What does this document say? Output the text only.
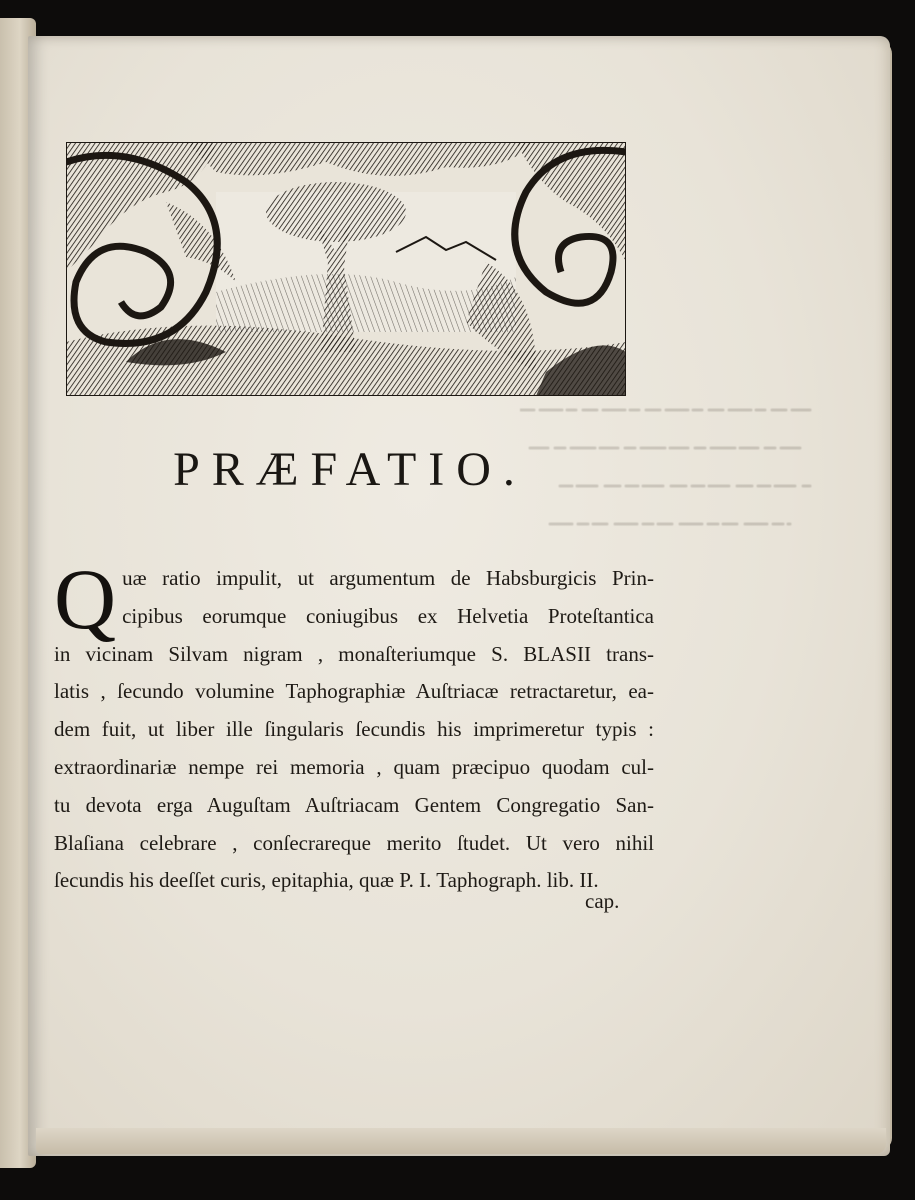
PRÆFATIO.
Q uæ ratio impulit, ut argumentum de Habsburgicis Prin-
cipibus eorumque coniugibus ex Helvetia Proteſtantica
in vicinam Silvam nigram , monaſteriumque S. BLASII trans-
latis , ſecundo volumine Taphographiæ Auſtriacæ retractaretur, ea-
dem fuit, ut liber ille ſingularis ſecundis his imprimeretur typis :
extraordinariæ nempe rei memoria , quam præcipuo quodam cul-
tu devota erga Auguſtam Auſtriacam Gentem Congregatio San-
Blaſiana celebrare , conſecrareque merito ſtudet. Ut vero nihil
ſecundis his deeſſet curis, epitaphia, quæ P. I. Taphograph. lib. II.
cap.
